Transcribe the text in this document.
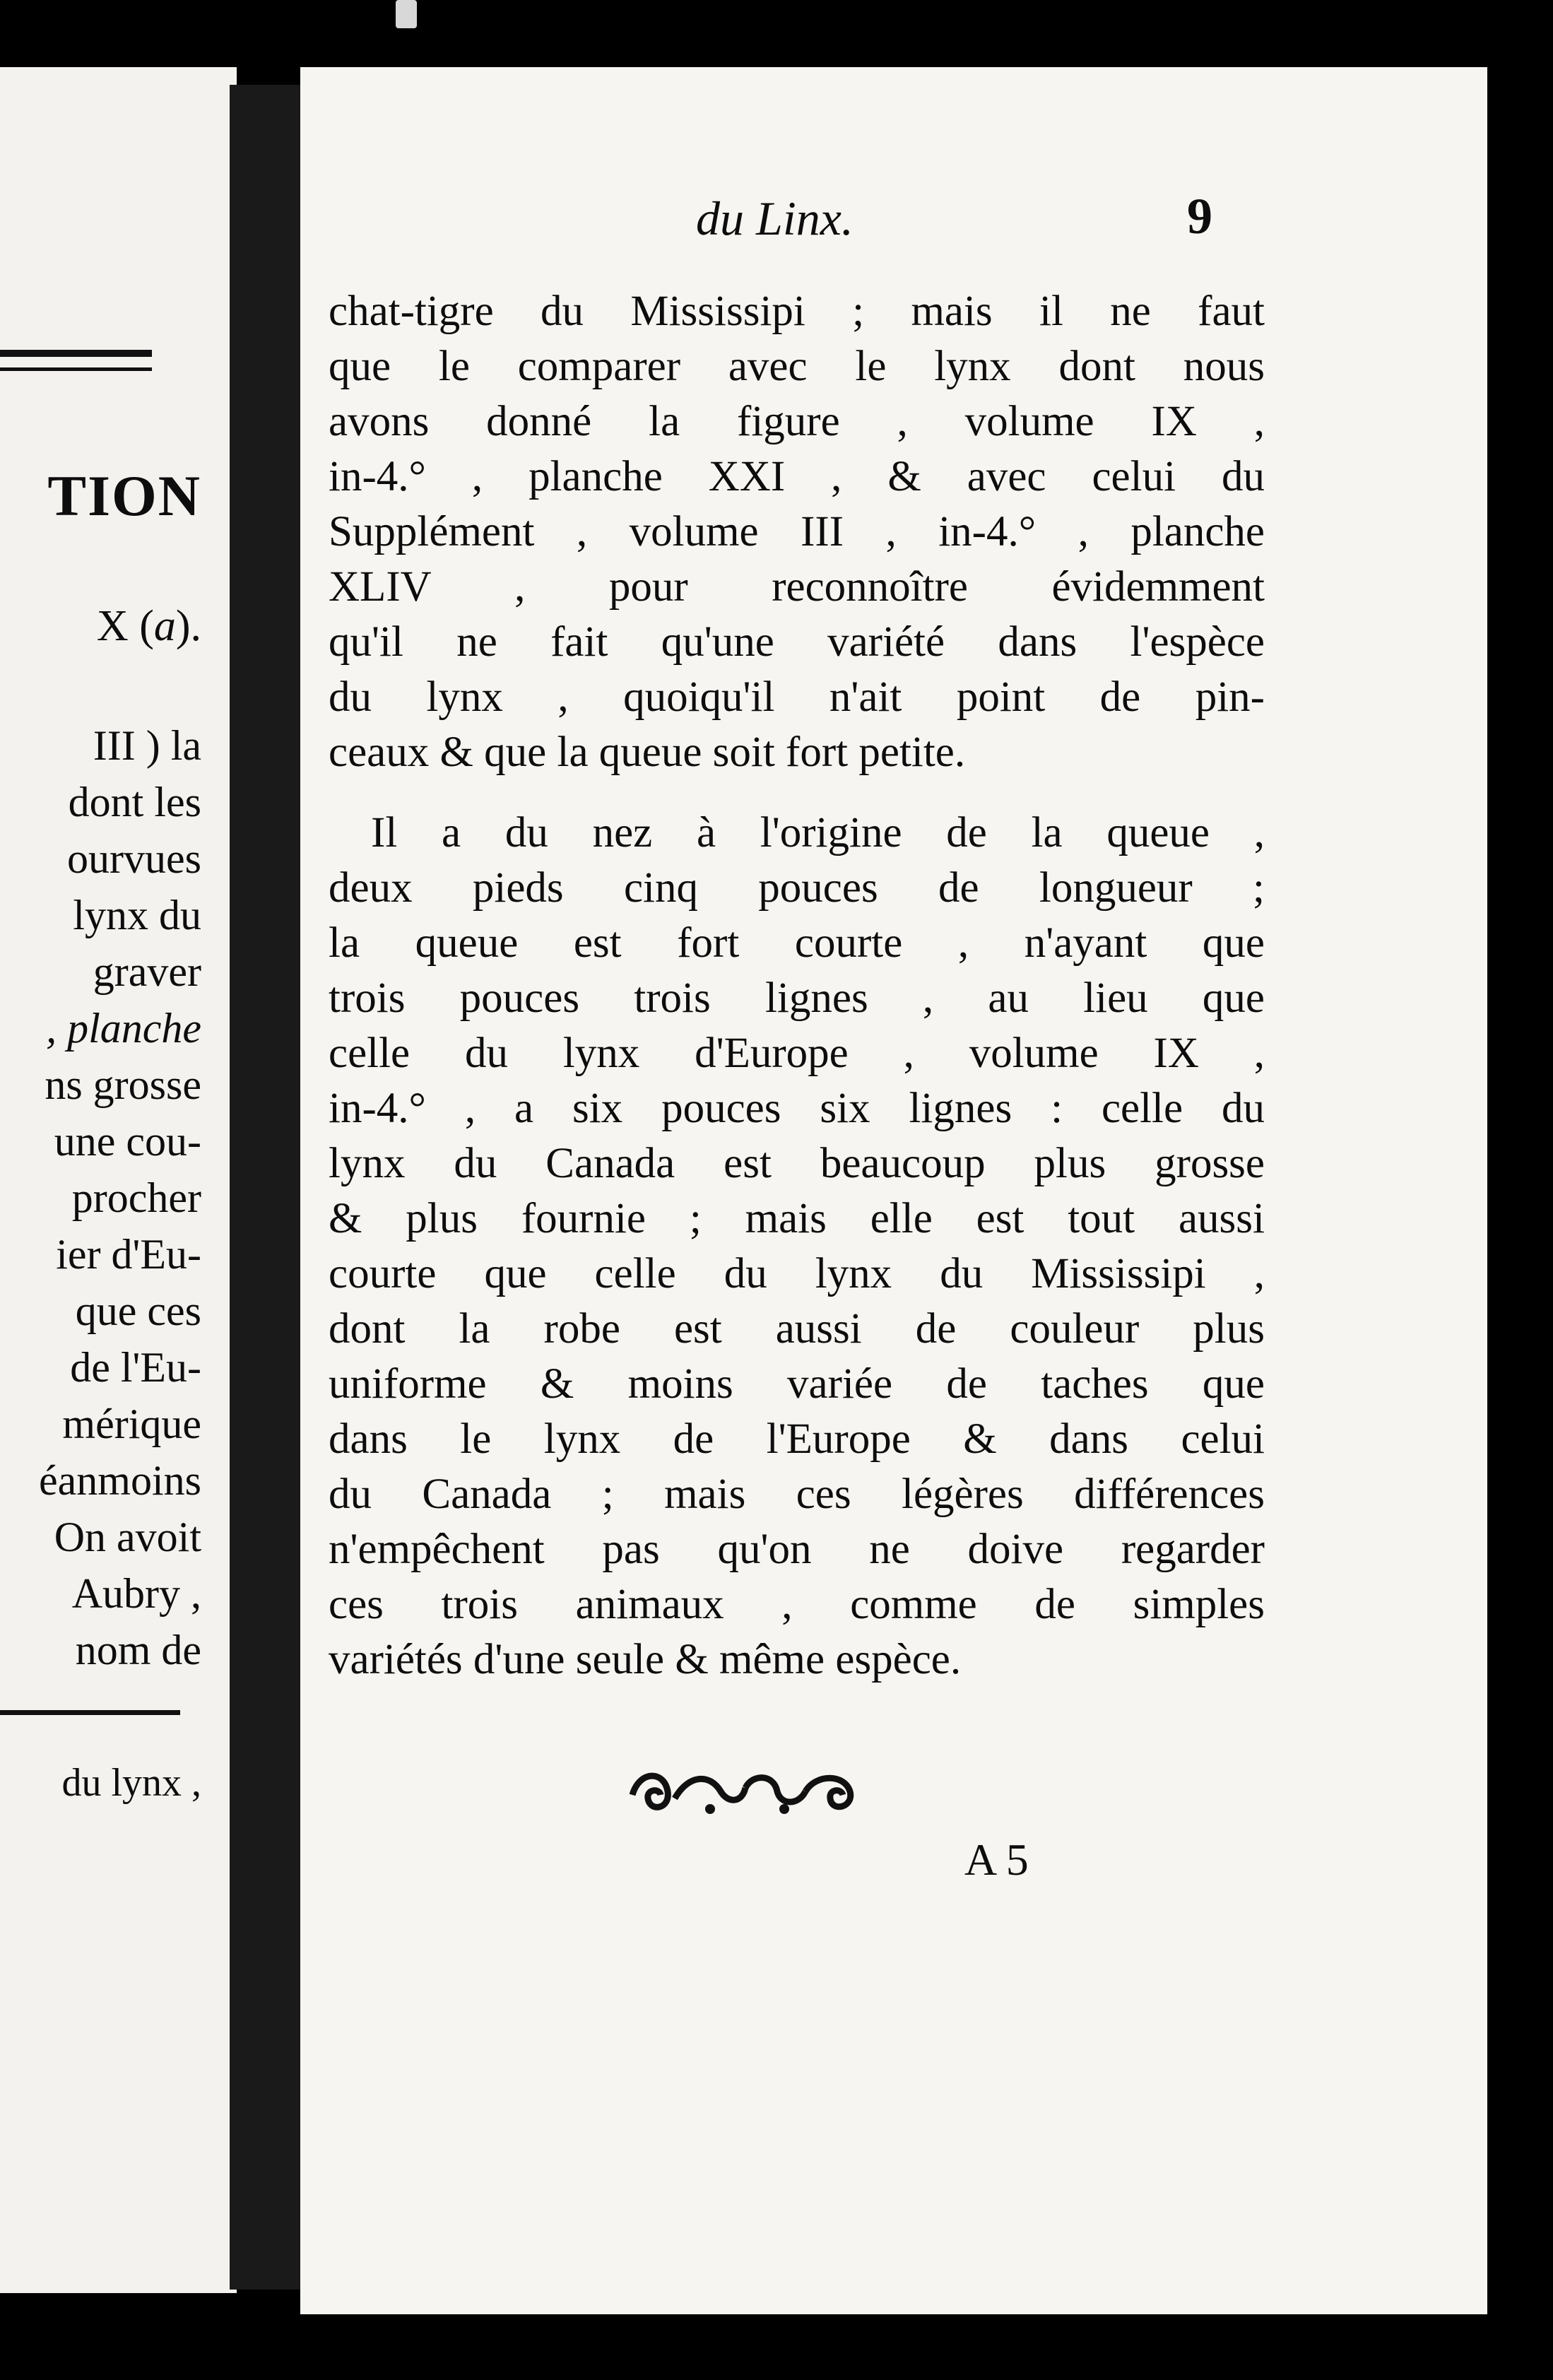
TION
X (a).
III ) la
dont les
ourvues
lynx du
graver
, planche
ns grosse
une cou-
procher
ier d'Eu-
que ces
de l'Eu-
mérique
éanmoins
On avoit
Aubry ,
nom de
du lynx ,
du Linx.	9
chat-tigre du Mississipi ; mais il ne faut
que le comparer avec le lynx dont nous
avons donné la figure , volume IX ,
in-4.° , planche XXI , & avec celui du
Supplément , volume III , in-4.° , planche
XLIV , pour reconnoître évidemment
qu'il ne fait qu'une variété dans l'espèce
du lynx , quoiqu'il n'ait point de pin-
ceaux & que la queue soit fort petite.
Il a du nez à l'origine de la queue ,
deux pieds cinq pouces de longueur ;
la queue est fort courte , n'ayant que
trois pouces trois lignes , au lieu que
celle du lynx d'Europe , volume IX ,
in-4.° , a six pouces six lignes : celle du
lynx du Canada est beaucoup plus grosse
& plus fournie ; mais elle est tout aussi
courte que celle du lynx du Mississipi ,
dont la robe est aussi de couleur plus
uniforme & moins variée de taches que
dans le lynx de l'Europe & dans celui
du Canada ; mais ces légères différences
n'empêchent pas qu'on ne doive regarder
ces trois animaux , comme de simples
variétés d'une seule & même espèce.
A 5
